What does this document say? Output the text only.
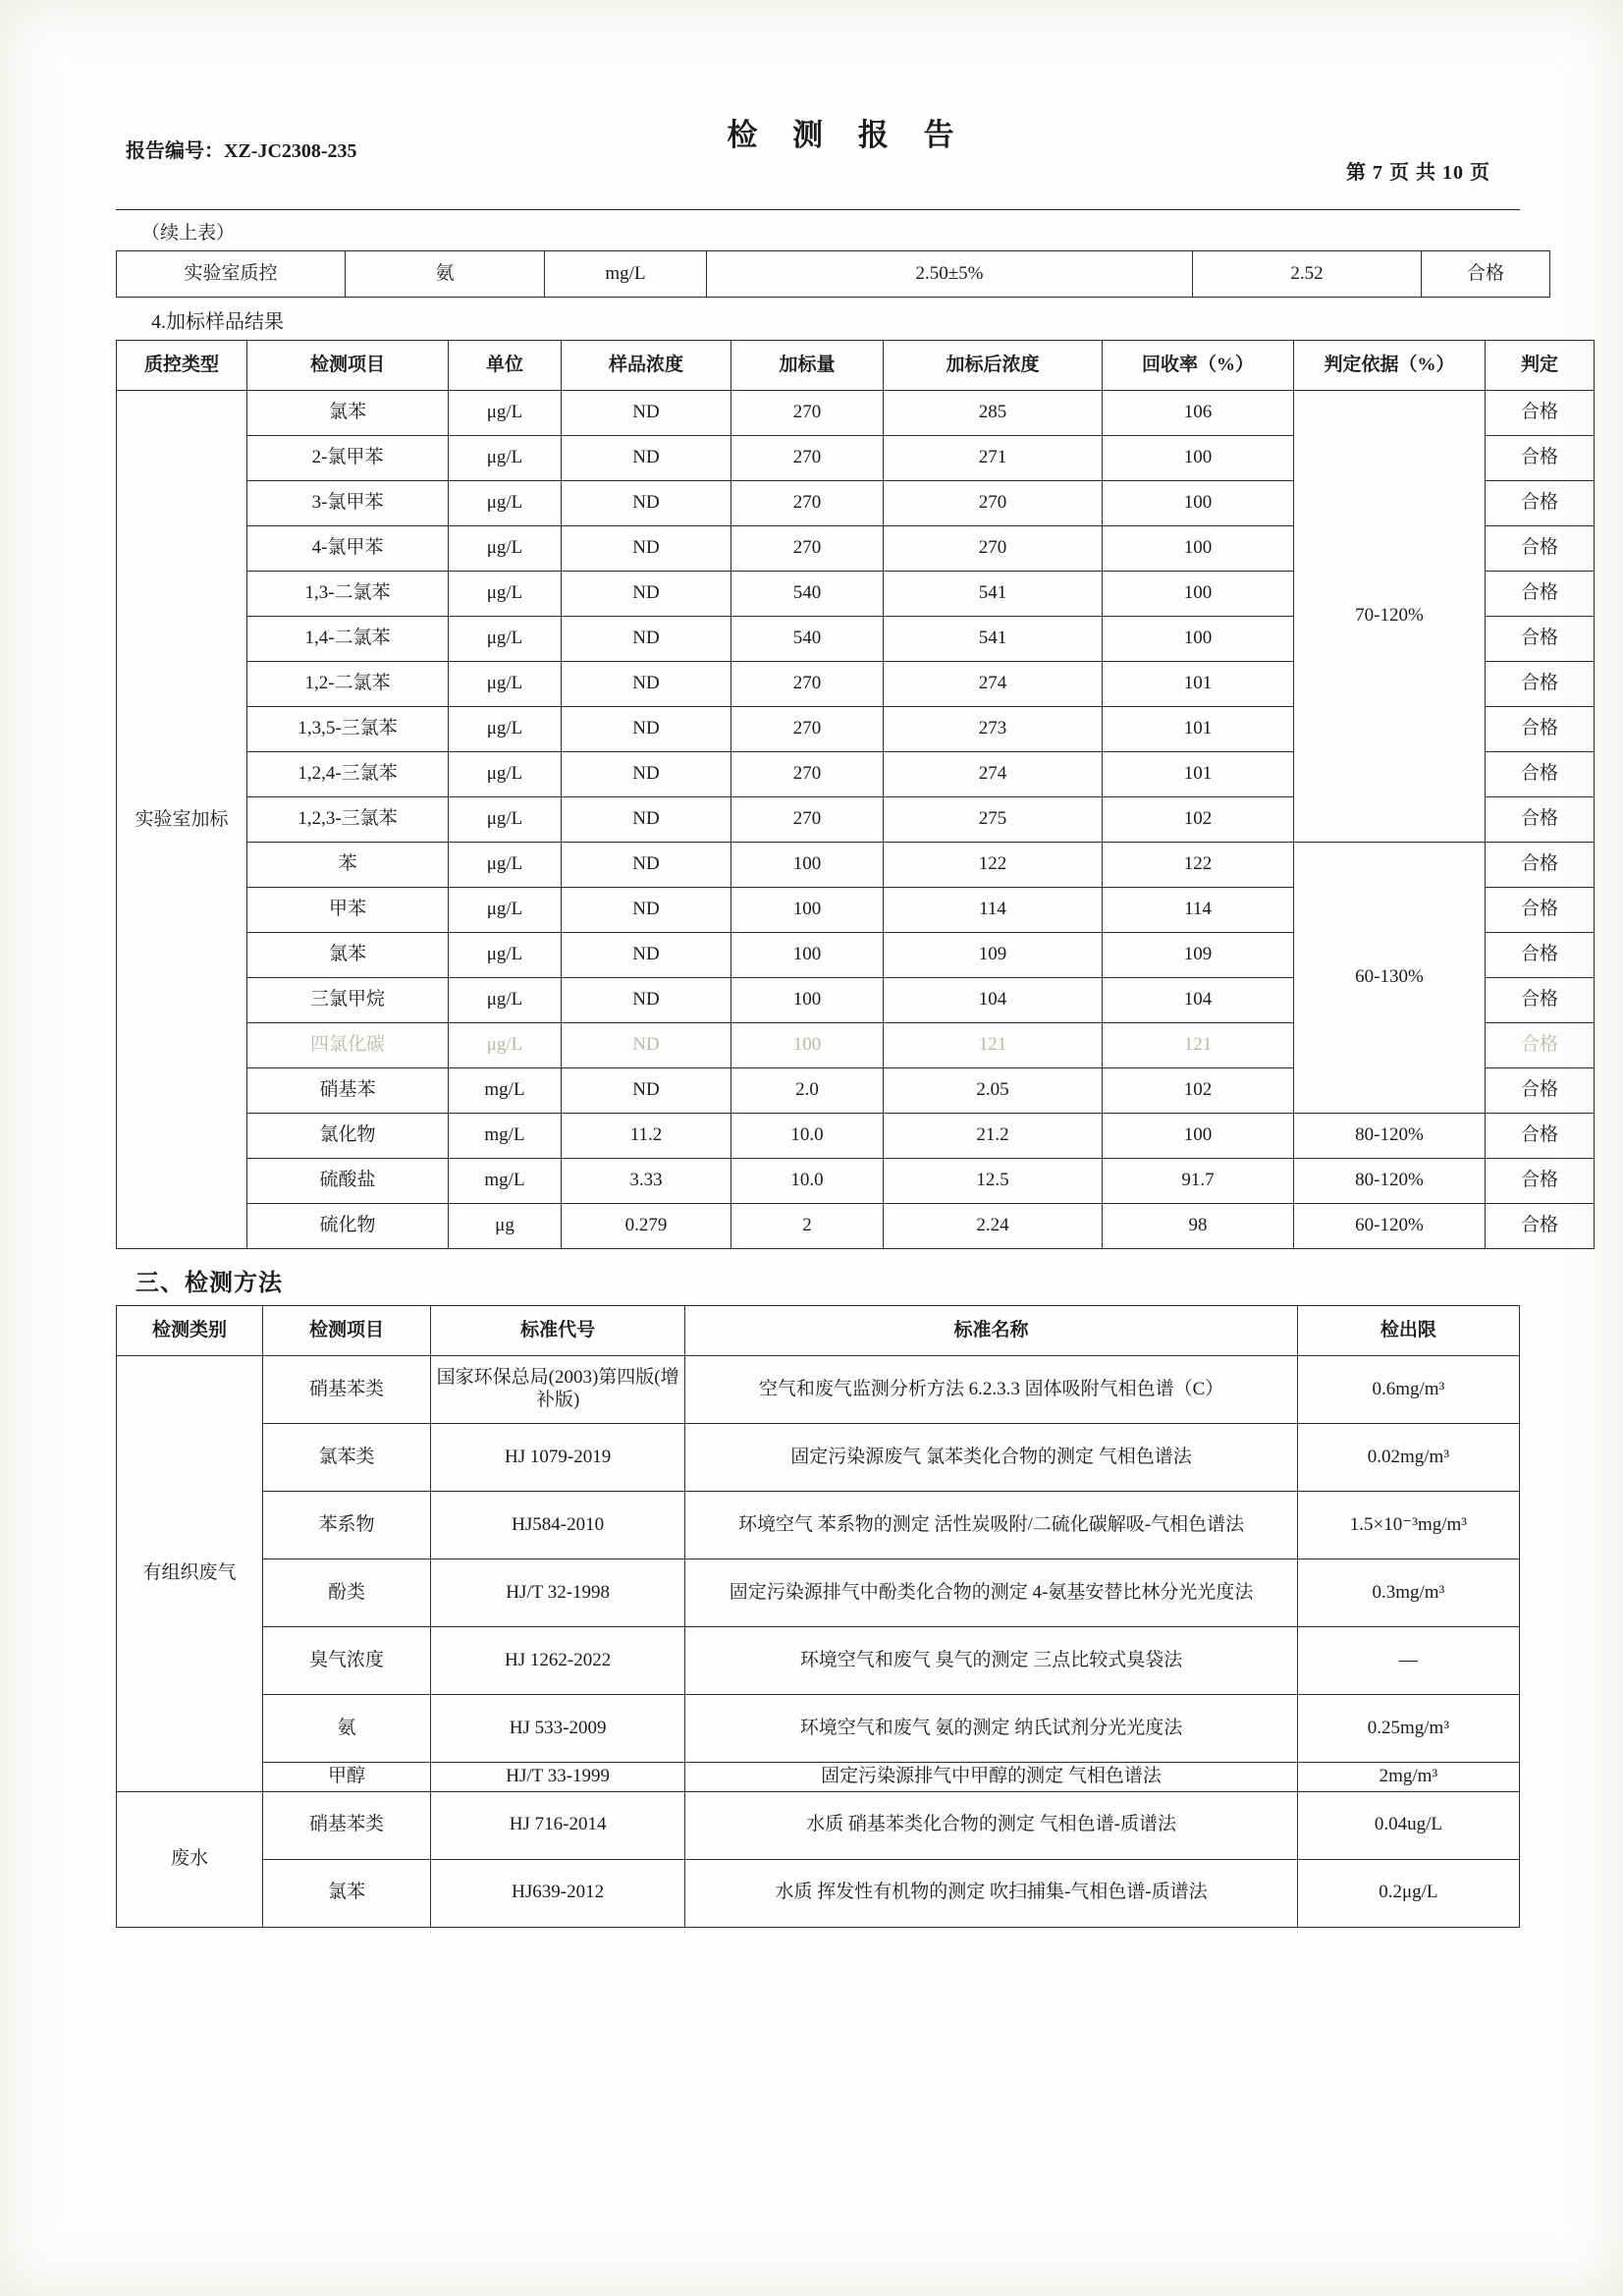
检 测 报 告
报告编号：XZ-JC2308-235
第 7 页 共 10 页
（续上表）
实验室质控	氨	mg/L	2.50±5%	2.52	合格
4.加标样品结果
质控类型	检测项目	单位	样品浓度	加标量	加标后浓度	回收率（%）	判定依据（%）	判定
实验室加标	氯苯	μg/L	ND	270	285	106	70-120%	合格
	2-氯甲苯	μg/L	ND	270	271	100		合格
	3-氯甲苯	μg/L	ND	270	270	100		合格
	4-氯甲苯	μg/L	ND	270	270	100		合格
	1,3-二氯苯	μg/L	ND	540	541	100		合格
	1,4-二氯苯	μg/L	ND	540	541	100		合格
	1,2-二氯苯	μg/L	ND	270	274	101		合格
	1,3,5-三氯苯	μg/L	ND	270	273	101		合格
	1,2,4-三氯苯	μg/L	ND	270	274	101		合格
	1,2,3-三氯苯	μg/L	ND	270	275	102		合格
	苯	μg/L	ND	100	122	122	60-130%	合格
	甲苯	μg/L	ND	100	114	114		合格
	氯苯	μg/L	ND	100	109	109		合格
	三氯甲烷	μg/L	ND	100	104	104		合格
	四氯化碳	μg/L	ND	100	121	121		合格
	硝基苯	mg/L	ND	2.0	2.05	102		合格
	氯化物	mg/L	11.2	10.0	21.2	100	80-120%	合格
	硫酸盐	mg/L	3.33	10.0	12.5	91.7	80-120%	合格
	硫化物	μg	0.279	2	2.24	98	60-120%	合格
三、检测方法
检测类别	检测项目	标准代号	标准名称	检出限
有组织废气	硝基苯类	国家环保总局(2003)第四版(增补版)	空气和废气监测分析方法 6.2.3.3 固体吸附气相色谱（C）	0.6mg/m³
	氯苯类	HJ 1079-2019	固定污染源废气 氯苯类化合物的测定 气相色谱法	0.02mg/m³
	苯系物	HJ584-2010	环境空气 苯系物的测定 活性炭吸附/二硫化碳解吸-气相色谱法	1.5×10⁻³mg/m³
	酚类	HJ/T 32-1998	固定污染源排气中酚类化合物的测定 4-氨基安替比林分光光度法	0.3mg/m³
	臭气浓度	HJ 1262-2022	环境空气和废气 臭气的测定 三点比较式臭袋法	—
	氨	HJ 533-2009	环境空气和废气 氨的测定 纳氏试剂分光光度法	0.25mg/m³
	甲醇	HJ/T 33-1999	固定污染源排气中甲醇的测定 气相色谱法	2mg/m³
废水	硝基苯类	HJ 716-2014	水质 硝基苯类化合物的测定 气相色谱-质谱法	0.04ug/L
	氯苯	HJ639-2012	水质 挥发性有机物的测定 吹扫捕集-气相色谱-质谱法	0.2μg/L
